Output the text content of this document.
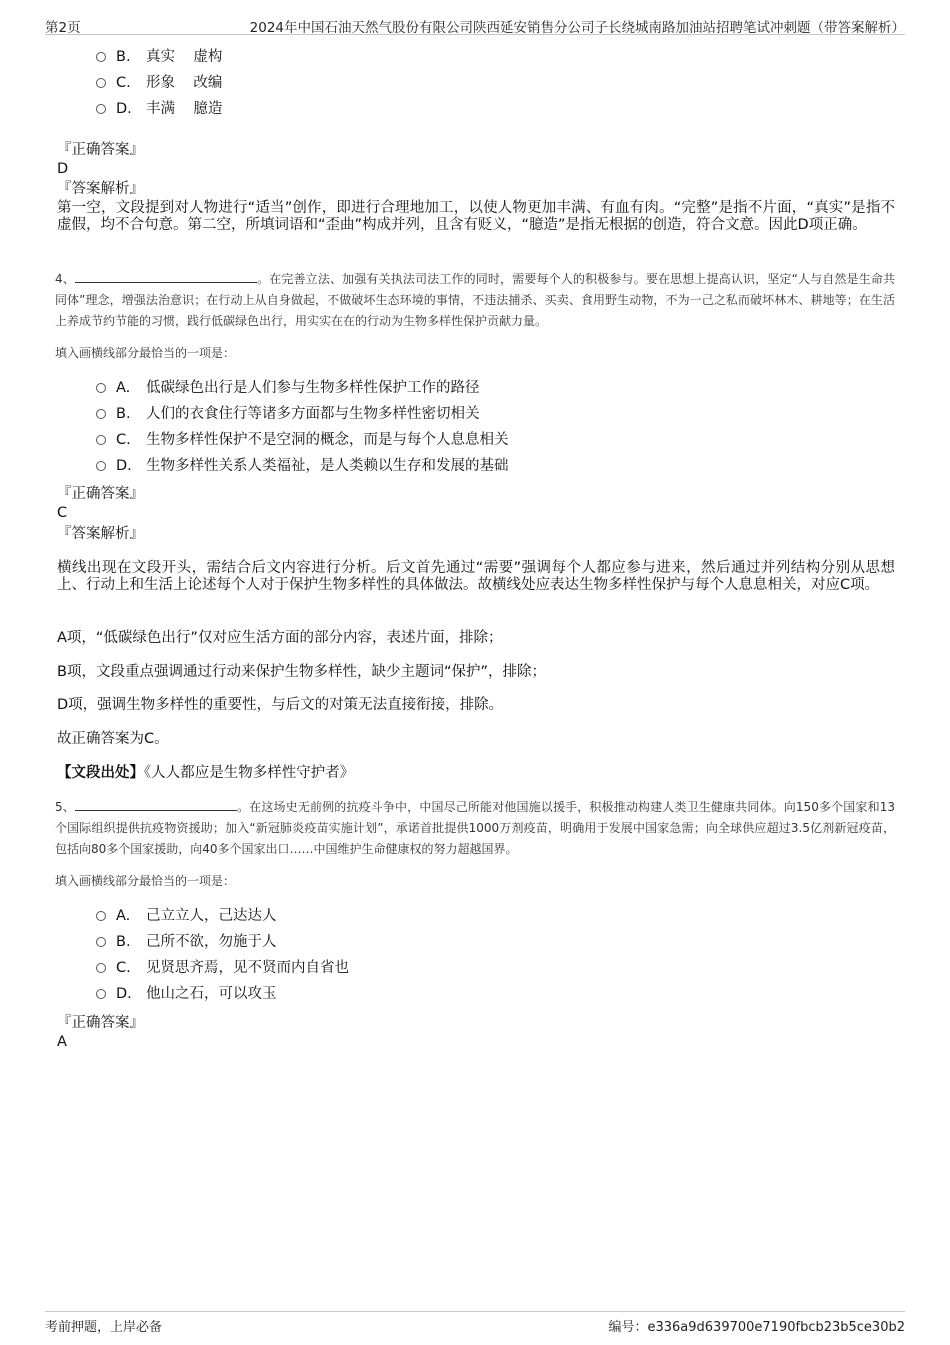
第2页	2024年中国石油天然气股份有限公司陕西延安销售分公司子长绕城南路加油站招聘笔试冲刺题（带答案解析）
B. 真实    虚构
C. 形象    改编
D. 丰满    臆造
『正确答案』
D
『答案解析』
第一空，文段提到对人物进行“适当”创作，即进行合理地加工，以使人物更加丰满、有血有肉。“完整”是指不片面，“真实”是指不虚假，均不合句意。第二空，所填词语和“歪曲”构成并列，且含有贬义，“臆造”是指无根据的创造，符合文意。因此D项正确。
4、	。在完善立法、加强有关执法司法工作的同时，需要每个人的积极参与。要在思想上提高认识，坚定“人与自然是生命共同体”理念，增强法治意识；在行动上从自身做起，不做破坏生态环境的事情，不违法捕杀、买卖、食用野生动物，不为一己之私而破坏林木、耕地等；在生活上养成节约节能的习惯，践行低碳绿色出行，用实实在在的行动为生物多样性保护贡献力量。
填入画横线部分最恰当的一项是：
A. 低碳绿色出行是人们参与生物多样性保护工作的路径
B. 人们的衣食住行等诸多方面都与生物多样性密切相关
C. 生物多样性保护不是空洞的概念，而是与每个人息息相关
D. 生物多样性关系人类福祉，是人类赖以生存和发展的基础
『正确答案』
C
『答案解析』
横线出现在文段开头，需结合后文内容进行分析。后文首先通过“需要”强调每个人都应参与进来，然后通过并列结构分别从思想上、行动上和生活上论述每个人对于保护生物多样性的具体做法。故横线处应表达生物多样性保护与每个人息息相关，对应C项。
A项，“低碳绿色出行”仅对应生活方面的部分内容，表述片面，排除；
B项，文段重点强调通过行动来保护生物多样性，缺少主题词“保护”，排除；
D项，强调生物多样性的重要性，与后文的对策无法直接衔接，排除。
故正确答案为C。
【文段出处】《人人都应是生物多样性守护者》
5、	。在这场史无前例的抗疫斗争中，中国尽己所能对他国施以援手，积极推动构建人类卫生健康共同体。向150多个国家和13个国际组织提供抗疫物资援助；加入“新冠肺炎疫苗实施计划”，承诺首批提供1000万剂疫苗，明确用于发展中国家急需；向全球供应超过3.5亿剂新冠疫苗，包括向80多个国家援助，向40多个国家出口……中国维护生命健康权的努力超越国界。
填入画横线部分最恰当的一项是：
A. 己立立人，己达达人
B. 己所不欲，勿施于人
C. 见贤思齐焉，见不贤而内自省也
D. 他山之石，可以攻玉
『正确答案』
A
考前押题，上岸必备	编号：e336a9d639700e7190fbcb23b5ce30b2
